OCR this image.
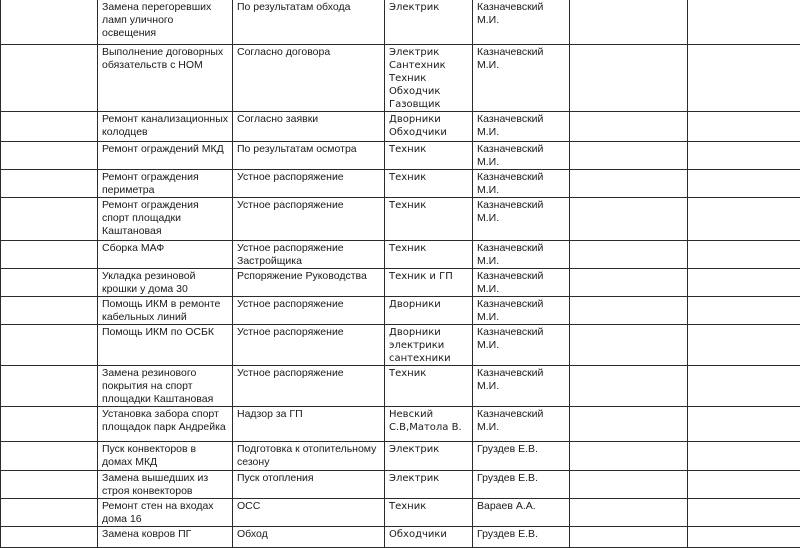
	Замена перегоревших
ламп уличного
освещения	По результатам обхода	Электрик	Казначевский
М.И.		
	Выполнение договорных
обязательств с НОМ	Согласно договора	Электрик
Сантехник
Техник
Обходчик
Газовщик	Казначевский
М.И.		
	Ремонт канализационных
колодцев	Согласно заявки	Дворники
Обходчики	Казначевский
М.И.		
	Ремонт ограждений МКД	По результатам осмотра	Техник	Казначевский
М.И.		
	Ремонт ограждения
периметра	Устное распоряжение	Техник	Казначевский
М.И.		
	Ремонт ограждения
спорт площадки
Каштановая	Устное распоряжение	Техник	Казначевский
М.И.		
	Сборка МАФ	Устное распоряжение
Застройщика	Техник	Казначевский М.И.		
	Укладка резиновой
крошки у дома 30	Рспоряжение Руководства	Техник и ГП	Казначевский М.И.		
	Помощь ИКМ в ремонте
кабельных линий	Устное распоряжение	Дворники	Казначевский М.И.		
	Помощь ИКМ по ОСБК	Устное распоряжение	Дворники
электрики
сантехники	Казначевский М.И.		
	Замена резинового
покрытия на спорт
площадки Каштановая	Устное распоряжение	Техник	Казначевский М.И.		
	Установка забора спорт
площадок парк Андрейка	Надзор за ГП	Невский
С.В,Матола В.	Казначевский М.И.		
	Пуск конвекторов в
домах МКД	Подготовка к отопительному
сезону	Электрик	Груздев Е.В.		
	Замена вышедших из
строя конвекторов	Пуск отопления	Электрик	Груздев Е.В.		
	Ремонт стен на входах
дома 16	ОСС	Техник	Вараев А.А.		
	Замена ковров ПГ	Обход	Обходчики	Груздев Е.В.		
